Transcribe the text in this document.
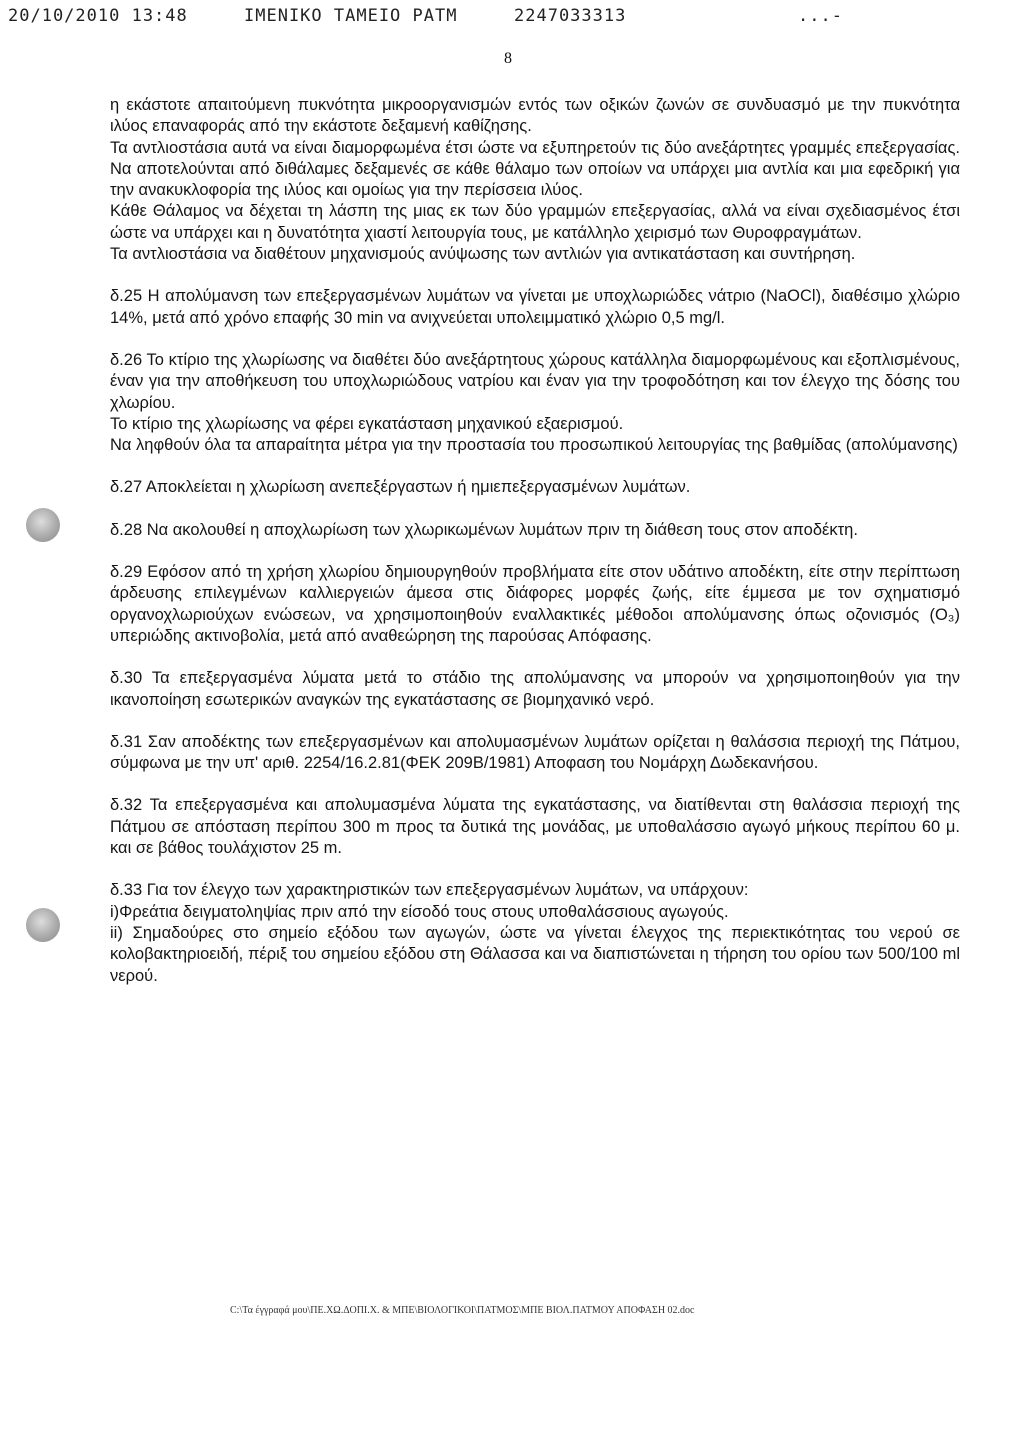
20/10/2010 13:48	IMENIKO TAMEIO PATM	2247033313	...-
8

η εκάστοτε απαιτούμενη πυκνότητα μικροοργανισμών εντός των οξικών ζωνών σε συνδυασμό με την πυκνότητα ιλύος επαναφοράς από την εκάστοτε δεξαμενή καθίζησης.

Τα αντλιοστάσια αυτά να είναι διαμορφωμένα έτσι ώστε να εξυπηρετούν τις δύο ανεξάρτητες γραμμές επεξεργασίας. Να αποτελούνται από διθάλαμες δεξαμενές σε κάθε θάλαμο των οποίων να υπάρχει μια αντλία και μια εφεδρική για την ανακυκλοφορία της ιλύος και ομοίως για την περίσσεια ιλύος.

Κάθε Θάλαμος να δέχεται τη λάσπη της μιας εκ των δύο γραμμών επεξεργασίας, αλλά να είναι σχεδιασμένος έτσι ώστε να υπάρχει και η δυνατότητα χιαστί λειτουργία τους, με κατάλληλο χειρισμό των Θυροφραγμάτων.

Τα αντλιοστάσια να διαθέτουν μηχανισμούς ανύψωσης των αντλιών για αντικατάσταση και συντήρηση.

δ.25 Η απολύμανση των επεξεργασμένων λυμάτων να γίνεται με υποχλωριώδες νάτριο (NaOCl), διαθέσιμο χλώριο 14%, μετά από χρόνο επαφής 30 min να ανιχνεύεται υπολειμματικό χλώριο 0,5 mg/l.

δ.26 Το κτίριο της χλωρίωσης να διαθέτει δύο ανεξάρτητους χώρους κατάλληλα διαμορφωμένους και εξοπλισμένους, έναν για την αποθήκευση του υποχλωριώδους νατρίου και έναν για την τροφοδότηση και τον έλεγχο της δόσης του χλωρίου.

Το κτίριο της χλωρίωσης να φέρει εγκατάσταση μηχανικού εξαερισμού.

Να ληφθούν όλα τα απαραίτητα μέτρα για την προστασία του προσωπικού λειτουργίας της βαθμίδας (απολύμανσης)

δ.27 Αποκλείεται η χλωρίωση ανεπεξέργαστων ή ημιεπεξεργασμένων λυμάτων.

δ.28 Να ακολουθεί η αποχλωρίωση των χλωρικωμένων λυμάτων πριν τη διάθεση τους στον αποδέκτη.

δ.29 Εφόσον από τη χρήση χλωρίου δημιουργηθούν προβλήματα είτε στον υδάτινο αποδέκτη, είτε στην περίπτωση άρδευσης επιλεγμένων καλλιεργειών άμεσα στις διάφορες μορφές ζωής, είτε έμμεσα με τον σχηματισμό οργανοχλωριούχων ενώσεων, να χρησιμοποιηθούν εναλλακτικές μέθοδοι απολύμανσης όπως οζονισμός (O₃) υπεριώδης ακτινοβολία, μετά από αναθεώρηση της παρούσας Απόφασης.

δ.30 Τα επεξεργασμένα λύματα μετά το στάδιο της απολύμανσης να μπορούν να χρησιμοποιηθούν για την ικανοποίηση εσωτερικών αναγκών της εγκατάστασης σε βιομηχανικό νερό.

δ.31 Σαν αποδέκτης των επεξεργασμένων και απολυμασμένων λυμάτων ορίζεται η θαλάσσια περιοχή της Πάτμου, σύμφωνα με την υπ' αριθ. 2254/16.2.81(ΦΕΚ 209Β/1981) Αποφαση του Νομάρχη Δωδεκανήσου.

δ.32 Τα επεξεργασμένα και απολυμασμένα λύματα της εγκατάστασης, να διατίθενται στη θαλάσσια περιοχή της Πάτμου σε απόσταση περίπου 300 m προς τα δυτικά της μονάδας, με υποθαλάσσιο αγωγό μήκους περίπου 60 μ. και σε βάθος τουλάχιστον 25 m.

δ.33 Για τον έλεγχο των χαρακτηριστικών των επεξεργασμένων λυμάτων, να υπάρχουν:

i)Φρεάτια δειγματοληψίας πριν από την είσοδό τους στους υποθαλάσσιους αγωγούς.

ii) Σημαδούρες στο σημείο εξόδου των αγωγών, ώστε να γίνεται έλεγχος της περιεκτικότητας του νερού σε κολοβακτηριοειδή, πέριξ του σημείου εξόδου στη Θάλασσα και να διαπιστώνεται η τήρηση του ορίου των 500/100 ml νερού.

C:\Τα έγγραφά μου\ΠΕ.ΧΩ.ΔΟΠΙ.Χ. & ΜΠΕ\ΒΙΟΛΟΓΙΚΟΙ\ΠΑΤΜΟΣ\ΜΠΕ ΒΙΟΛ.ΠΑΤΜΟΥ ΑΠΟΦΑΣΗ 02.doc
